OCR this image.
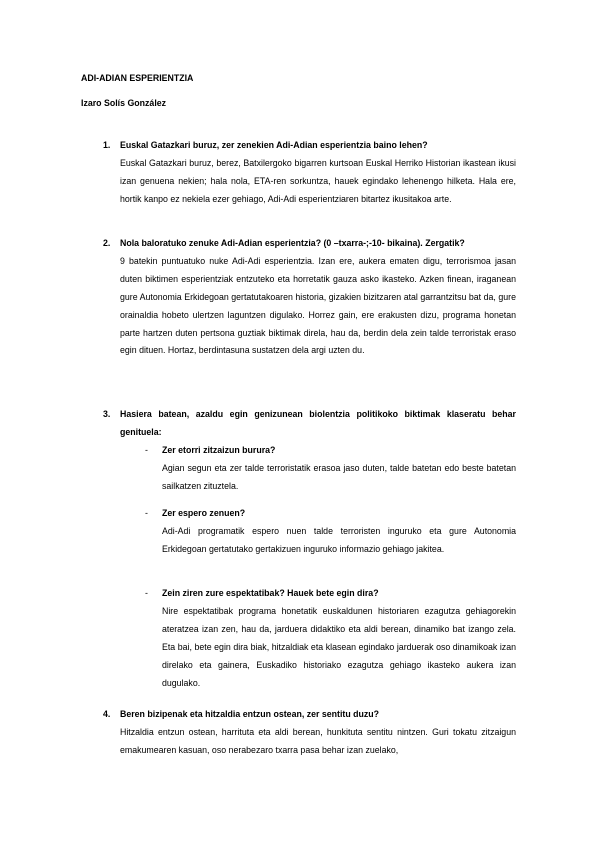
ADI-ADIAN ESPERIENTZIA
Izaro Solís González
1. Euskal Gatazkari buruz, zer zenekien Adi-Adian esperientzia baino lehen?

Euskal Gatazkari buruz, berez, Batxilergoko bigarren kurtsoan Euskal Herriko Historian ikastean ikusi izan genuena nekien; hala nola, ETA-ren sorkuntza, hauek egindako lehenengo hilketa. Hala ere, hortik kanpo ez nekiela ezer gehiago, Adi-Adi esperientziaren bitartez ikusitakoa arte.

2. Nola baloratuko zenuke Adi-Adian esperientzia? (0 –txarra-;-10- bikaina). Zergatik?

9 batekin puntuatuko nuke Adi-Adi esperientzia. Izan ere, aukera ematen digu, terrorismoa jasan duten biktimen esperientziak entzuteko eta horretatik gauza asko ikasteko. Azken finean, iraganean gure Autonomia Erkidegoan gertatutakoaren historia, gizakien bizitzaren atal garrantzitsu bat da, gure orainaldia hobeto ulertzen laguntzen digulako. Horrez gain, ere erakusten dizu, programa honetan parte hartzen duten pertsona guztiak biktimak direla, hau da, berdin dela zein talde terroristak eraso egin dituen. Hortaz, berdintasuna sustatzen dela argi uzten du.

3. Hasiera batean, azaldu egin genizunean biolentzia politikoko biktimak klaseratu behar genituela:

-	Zer etorri zitzaizun burura?

Agian segun eta zer talde terroristatik erasoa jaso duten, talde batetan edo beste batetan sailkatzen zituztela.

-	Zer espero zenuen?

Adi-Adi programatik espero nuen talde terroristen inguruko eta gure Autonomia Erkidegoan gertatutako gertakizuen inguruko informazio gehiago jakitea.

-	Zein ziren zure espektatibak? Hauek bete egin dira?

Nire espektatibak programa honetatik euskaldunen historiaren ezagutza gehiagorekin ateratzea izan zen, hau da, jarduera didaktiko eta aldi berean, dinamiko bat izango zela. Eta bai, bete egin dira biak, hitzaldiak eta klasean egindako jarduerak oso dinamikoak izan direlako eta gainera, Euskadiko historiako ezagutza gehiago ikasteko aukera izan dugulako.

4. Beren bizipenak eta hitzaldia entzun ostean, zer sentitu duzu?

Hitzaldia entzun ostean, harrituta eta aldi berean, hunkituta sentitu nintzen. Guri tokatu zitzaigun emakumearen kasuan, oso nerabezaro txarra pasa behar izan zuelako,
